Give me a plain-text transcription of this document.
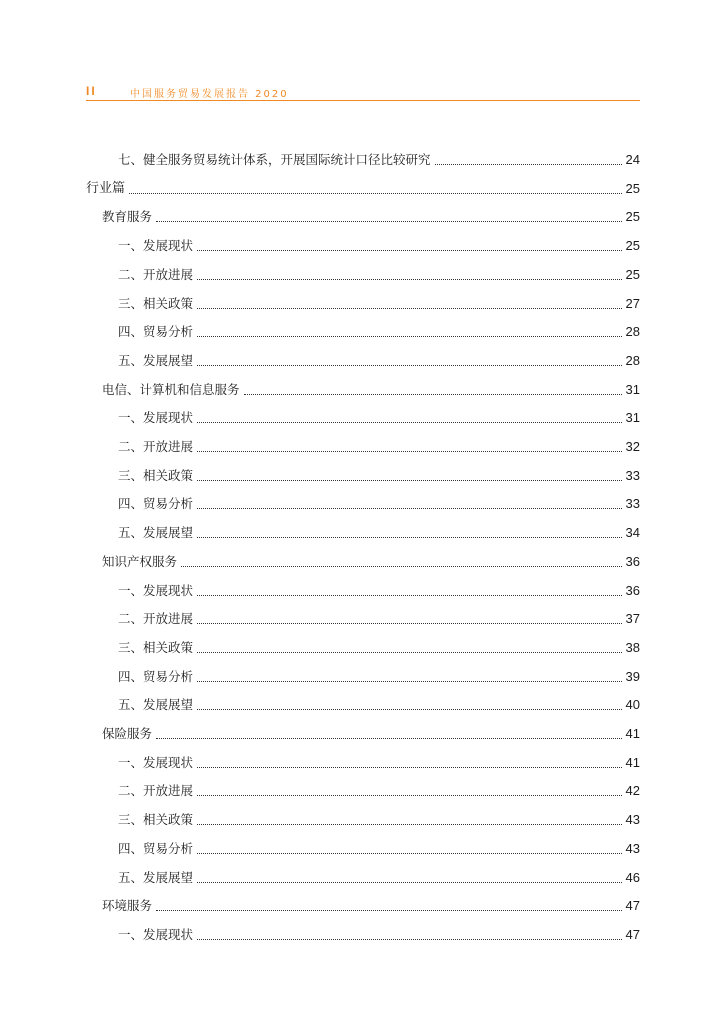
II	中国服务贸易发展报告 2020
七、健全服务贸易统计体系，开展国际统计口径比较研究	24
行业篇	25
教育服务	25
一、发展现状	25
二、开放进展	25
三、相关政策	27
四、贸易分析	28
五、发展展望	28
电信、计算机和信息服务	31
一、发展现状	31
二、开放进展	32
三、相关政策	33
四、贸易分析	33
五、发展展望	34
知识产权服务	36
一、发展现状	36
二、开放进展	37
三、相关政策	38
四、贸易分析	39
五、发展展望	40
保险服务	41
一、发展现状	41
二、开放进展	42
三、相关政策	43
四、贸易分析	43
五、发展展望	46
环境服务	47
一、发展现状	47
